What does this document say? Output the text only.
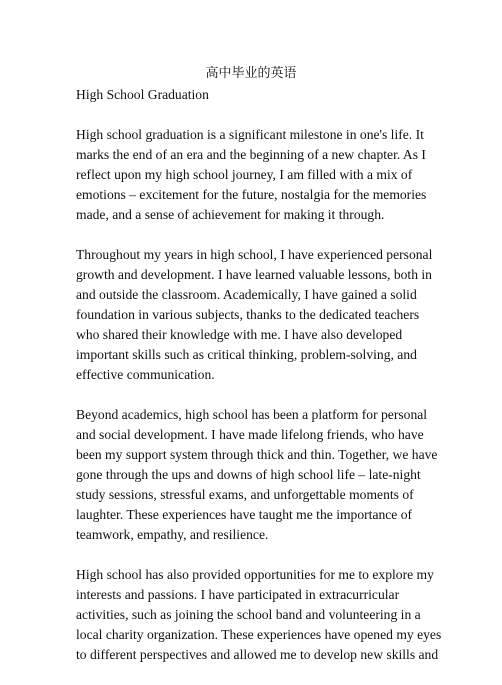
高中毕业的英语
High School Graduation
High school graduation is a significant milestone in one's life. It
marks the end of an era and the beginning of a new chapter. As I
reflect upon my high school journey, I am filled with a mix of
emotions – excitement for the future, nostalgia for the memories
made, and a sense of achievement for making it through.
Throughout my years in high school, I have experienced personal
growth and development. I have learned valuable lessons, both in
and outside the classroom. Academically, I have gained a solid
foundation in various subjects, thanks to the dedicated teachers
who shared their knowledge with me. I have also developed
important skills such as critical thinking, problem-solving, and
effective communication.
Beyond academics, high school has been a platform for personal
and social development. I have made lifelong friends, who have
been my support system through thick and thin. Together, we have
gone through the ups and downs of high school life – late-night
study sessions, stressful exams, and unforgettable moments of
laughter. These experiences have taught me the importance of
teamwork, empathy, and resilience.
High school has also provided opportunities for me to explore my
interests and passions. I have participated in extracurricular
activities, such as joining the school band and volunteering in a
local charity organization. These experiences have opened my eyes
to different perspectives and allowed me to develop new skills and
